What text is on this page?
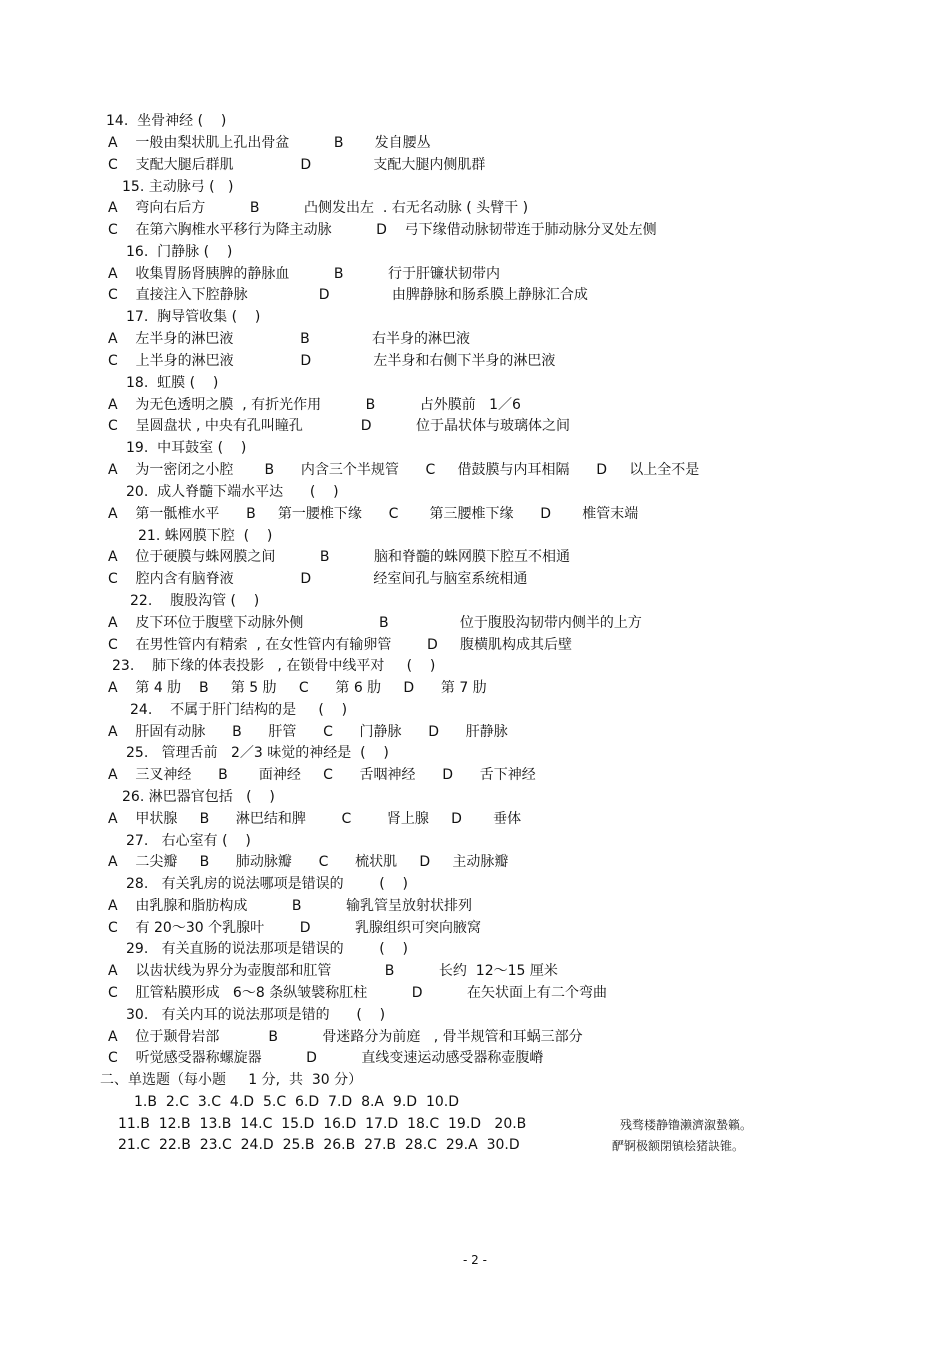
14.  坐骨神经 (    )
A    一般由梨状肌上孔出骨盆          B       发自腰丛
C    支配大腿后群肌               D              支配大腿内侧肌群
15. 主动脉弓 (   )
A    弯向右后方          B          凸侧发出左  . 右无名动脉 ( 头臂干 )
C    在第六胸椎水平移行为降主动脉          D    弓下缘借动脉韧带连于肺动脉分叉处左侧
16.  门静脉 (    )
A    收集胃肠肾胰脾的静脉血          B          行于肝镰状韧带内
C    直接注入下腔静脉                D              由脾静脉和肠系膜上静脉汇合成
17.  胸导管收集 (    )
A    左半身的淋巴液               B              右半身的淋巴液
C    上半身的淋巴液               D              左半身和右侧下半身的淋巴液
18.  虹膜 (    )
A    为无色透明之膜  , 有折光作用          B          占外膜前   1／6
C    呈圆盘状 , 中央有孔叫瞳孔             D          位于晶状体与玻璃体之间
19.  中耳鼓室 (    )
A    为一密闭之小腔       B      内含三个半规管      C     借鼓膜与内耳相隔      D     以上全不是
20.  成人脊髓下端水平达      (    )
A    第一骶椎水平      B     第一腰椎下缘      C       第三腰椎下缘      D       椎管末端
21. 蛛网膜下腔  (    )
A    位于硬膜与蛛网膜之间          B          脑和脊髓的蛛网膜下腔互不相通
C    腔内含有脑脊液               D              经室间孔与脑室系统相通
22.    腹股沟管 (    )
A    皮下环位于腹壁下动脉外侧                 B                位于腹股沟韧带内侧半的上方
C    在男性管内有精索  , 在女性管内有输卵管        D     腹横肌构成其后壁
23.    肺下缘的体表投影   , 在锁骨中线平对     (    )
A    第 4 肋    B     第 5 肋     C      第 6 肋     D      第 7 肋
24.    不属于肝门结构的是     (    )
A    肝固有动脉      B      肝管      C      门静脉      D      肝静脉
25.   管理舌前   2／3 味觉的神经是  (    )
A    三叉神经      B       面神经     C      舌咽神经      D      舌下神经
26. 淋巴器官包括   (    )
A    甲状腺     B      淋巴结和脾        C        肾上腺     D       垂体
27.   右心室有 (    )
A    二尖瓣     B      肺动脉瓣      C      梳状肌     D     主动脉瓣
28.   有关乳房的说法哪项是错误的        (    )
A    由乳腺和脂肪构成          B          输乳管呈放射状排列
C    有 20～30 个乳腺叶        D          乳腺组织可突向腋窝
29.   有关直肠的说法那项是错误的        (    )
A    以齿状线为界分为壶腹部和肛管            B          长约  12～15 厘米
C    肛管粘膜形成   6～8 条纵皱襞称肛柱          D          在矢状面上有二个弯曲
30.   有关内耳的说法那项是错的      (    )
A    位于颞骨岩部           B          骨迷路分为前庭   , 骨半规管和耳蜗三部分
C    听觉感受器称螺旋器          D          直线变速运动感受器称壶腹嵴
二、单选题（每小题     1 分,  共  30 分）
1.B  2.C  3.C  4.D  5.C  6.D  7.D  8.A  9.D  10.D
11.B  12.B  13.B  14.C  15.D  16.D  17.D  18.C  19.D   20.B
21.C  22.B  23.C  24.D  25.B  26.B  27.B  28.C  29.A  30.D
残骛楼静镥濑濟溆蟄籟。
酽锕极额閉镇桧猪訣锥。
- 2 -
